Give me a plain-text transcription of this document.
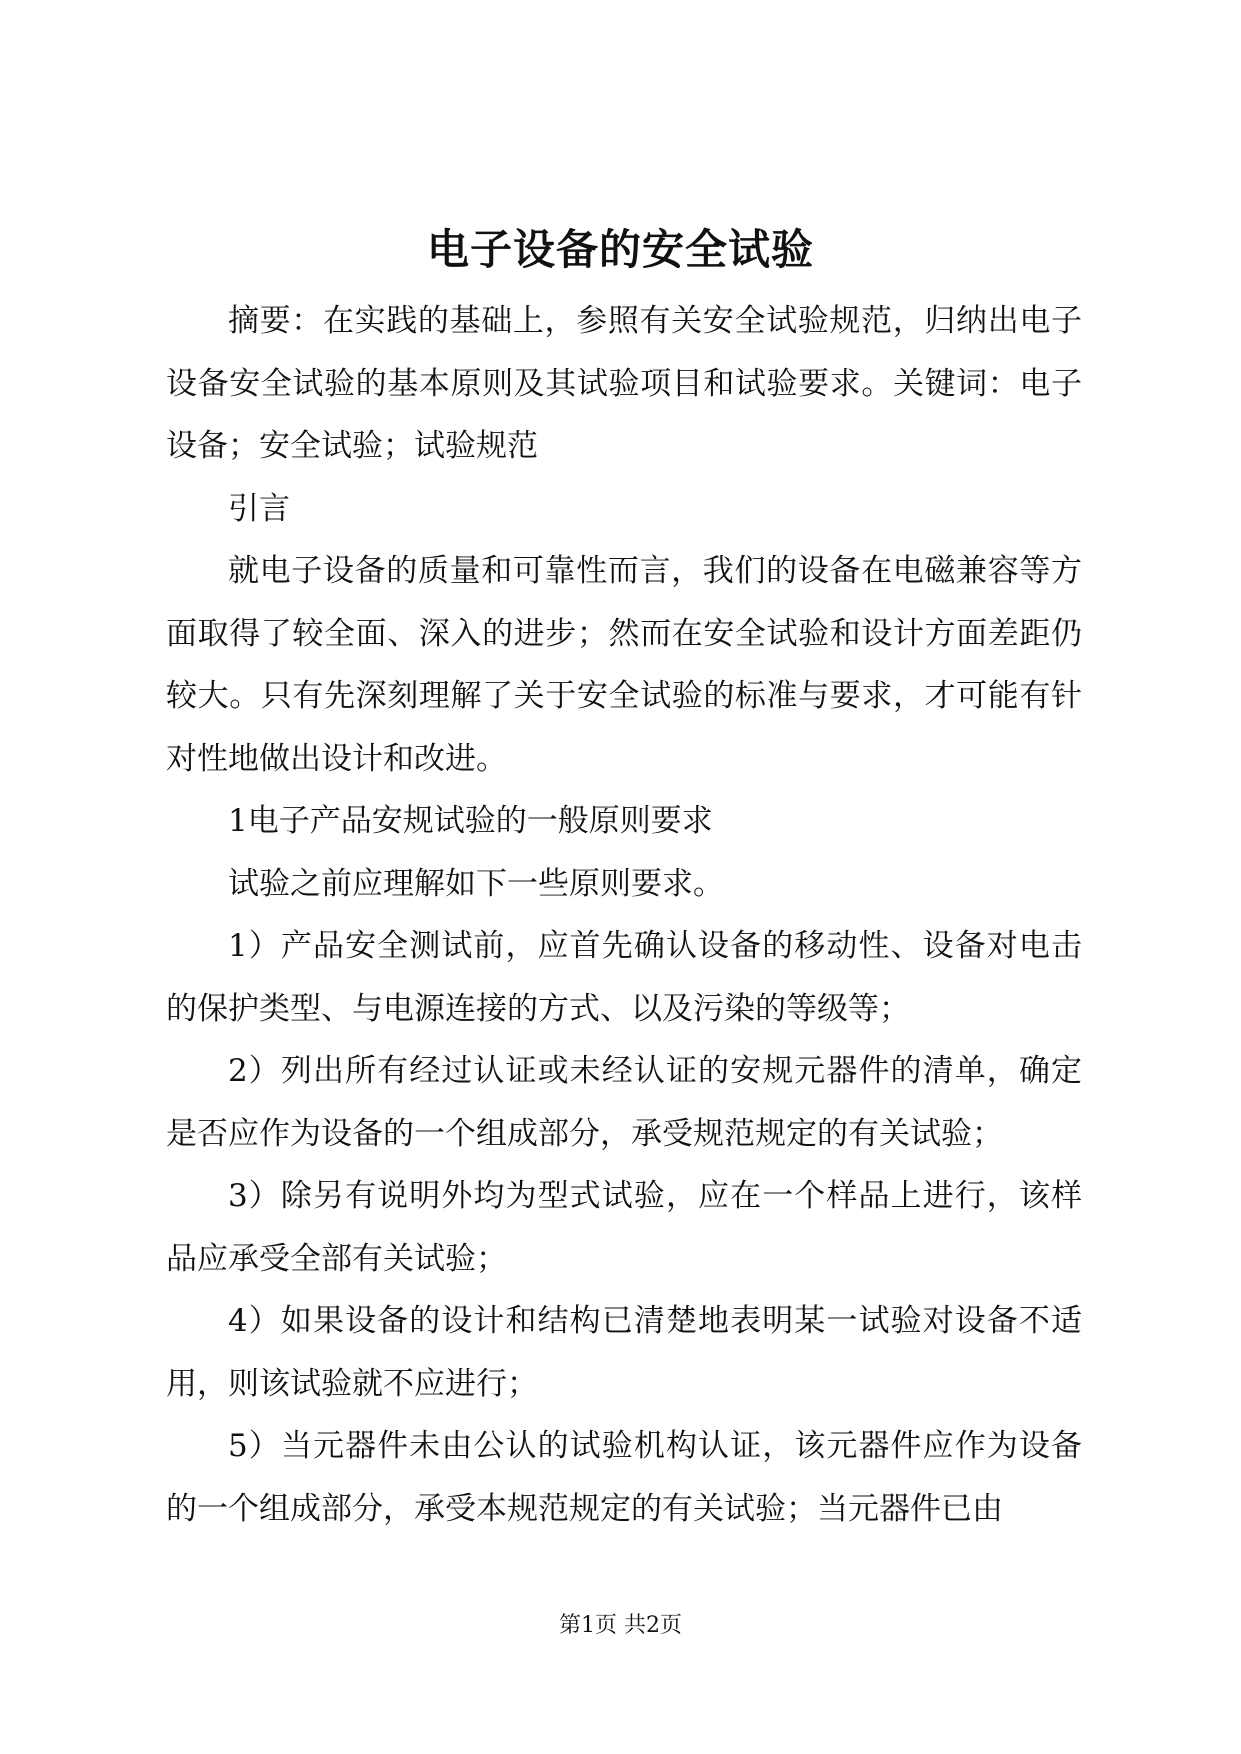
电子设备的安全试验

摘要：在实践的基础上，参照有关安全试验规范，归纳出电子设备安全试验的基本原则及其试验项目和试验要求。关键词：电子设备；安全试验；试验规范

引言

就电子设备的质量和可靠性而言，我们的设备在电磁兼容等方面取得了较全面、深入的进步；然而在安全试验和设计方面差距仍较大。只有先深刻理解了关于安全试验的标准与要求，才可能有针对性地做出设计和改进。

1电子产品安规试验的一般原则要求

试验之前应理解如下一些原则要求。

1）产品安全测试前，应首先确认设备的移动性、设备对电击的保护类型、与电源连接的方式、以及污染的等级等；

2）列出所有经过认证或未经认证的安规元器件的清单，确定是否应作为设备的一个组成部分，承受规范规定的有关试验；

3）除另有说明外均为型式试验，应在一个样品上进行，该样品应承受全部有关试验；

4）如果设备的设计和结构已清楚地表明某一试验对设备不适用，则该试验就不应进行；

5）当元器件未由公认的试验机构认证，该元器件应作为设备的一个组成部分，承受本规范规定的有关试验；当元器件已由

第1页 共2页
